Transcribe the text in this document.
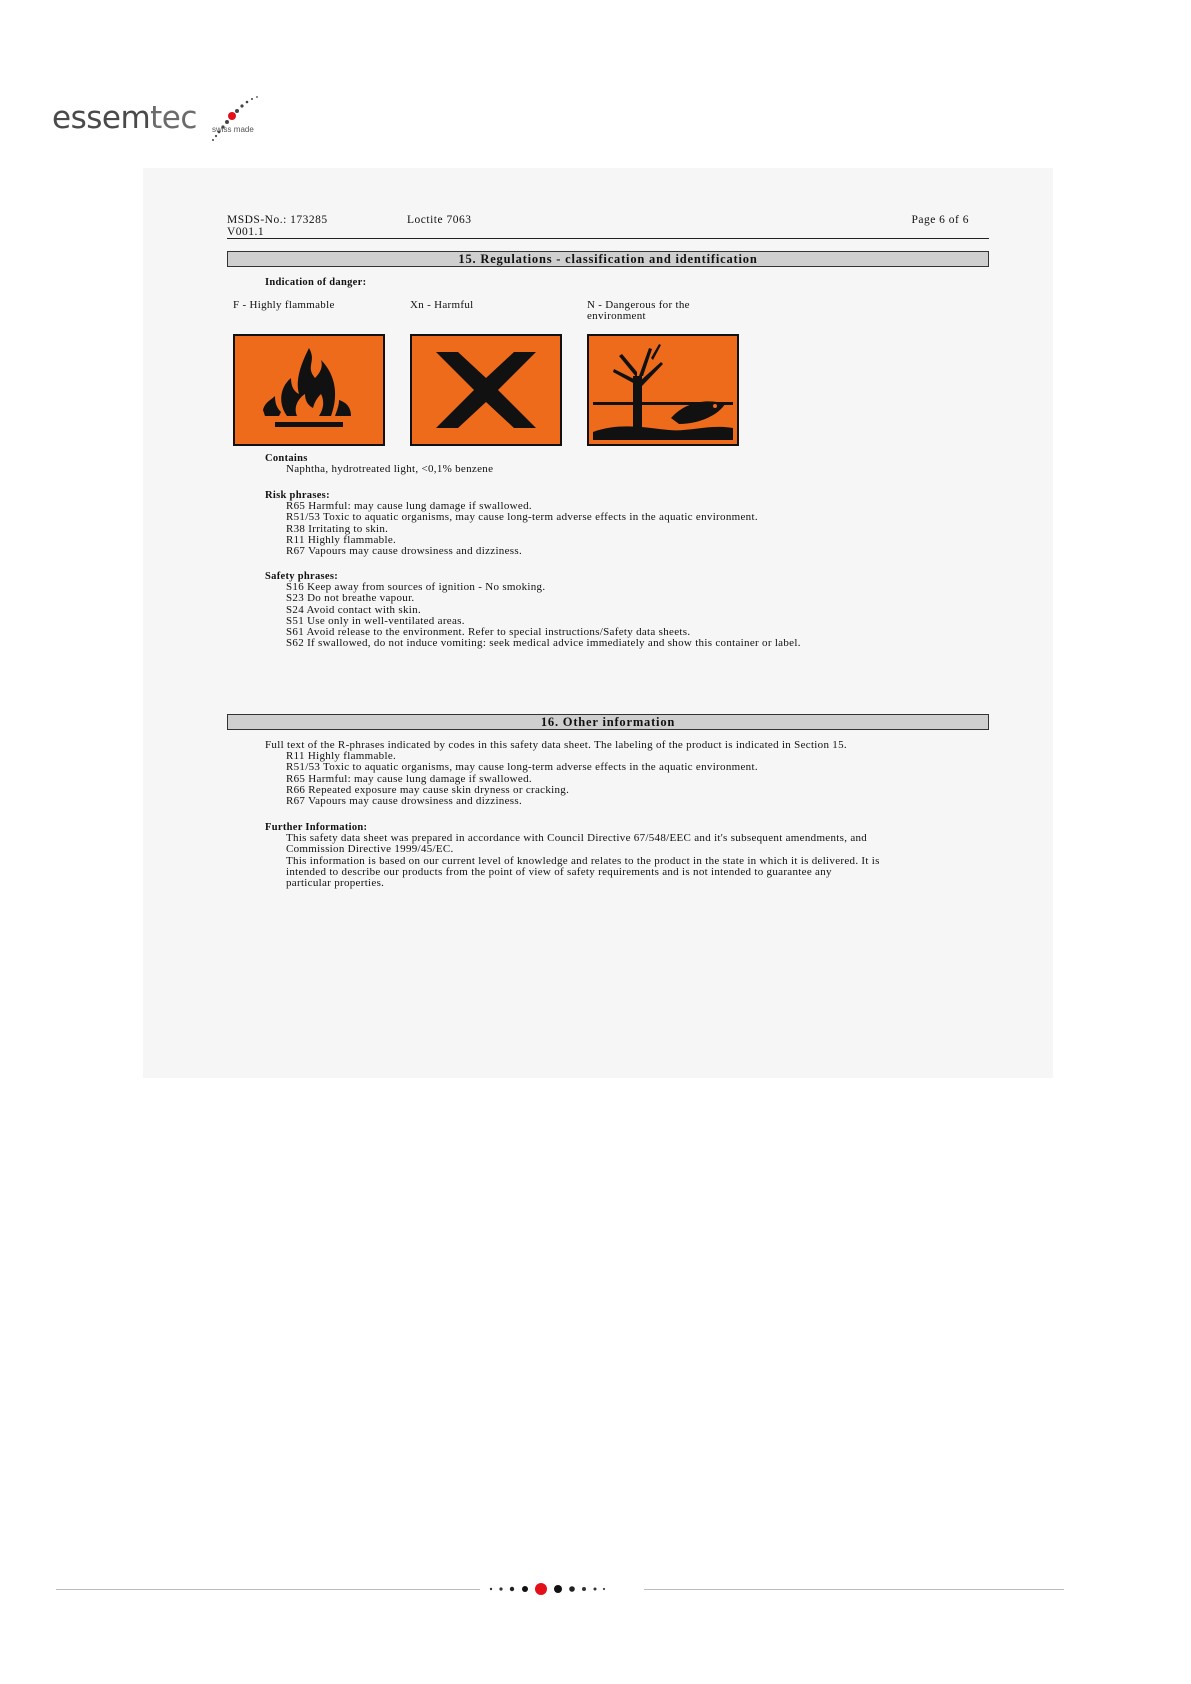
essemtec swiss made
MSDS-No.: 173285
V001.1
Loctite 7063	Page 6 of 6
15. Regulations - classification and identification
Indication of danger:
F - Highly flammable	Xn - Harmful	N - Dangerous for the
environment
Contains
Naphtha, hydrotreated light, <0,1% benzene
Risk phrases:
R65 Harmful: may cause lung damage if swallowed.
R51/53 Toxic to aquatic organisms, may cause long-term adverse effects in the aquatic environment.
R38 Irritating to skin.
R11 Highly flammable.
R67 Vapours may cause drowsiness and dizziness.
Safety phrases:
S16 Keep away from sources of ignition - No smoking.
S23 Do not breathe vapour.
S24 Avoid contact with skin.
S51 Use only in well-ventilated areas.
S61 Avoid release to the environment. Refer to special instructions/Safety data sheets.
S62 If swallowed, do not induce vomiting: seek medical advice immediately and show this container or label.
16. Other information
Full text of the R-phrases indicated by codes in this safety data sheet. The labeling of the product is indicated in Section 15.
R11 Highly flammable.
R51/53 Toxic to aquatic organisms, may cause long-term adverse effects in the aquatic environment.
R65 Harmful: may cause lung damage if swallowed.
R66 Repeated exposure may cause skin dryness or cracking.
R67 Vapours may cause drowsiness and dizziness.
Further Information:
This safety data sheet was prepared in accordance with Council Directive 67/548/EEC and it's subsequent amendments, and
Commission Directive 1999/45/EC.
This information is based on our current level of knowledge and relates to the product in the state in which it is delivered. It is
intended to describe our products from the point of view of safety requirements and is not intended to guarantee any
particular properties.
